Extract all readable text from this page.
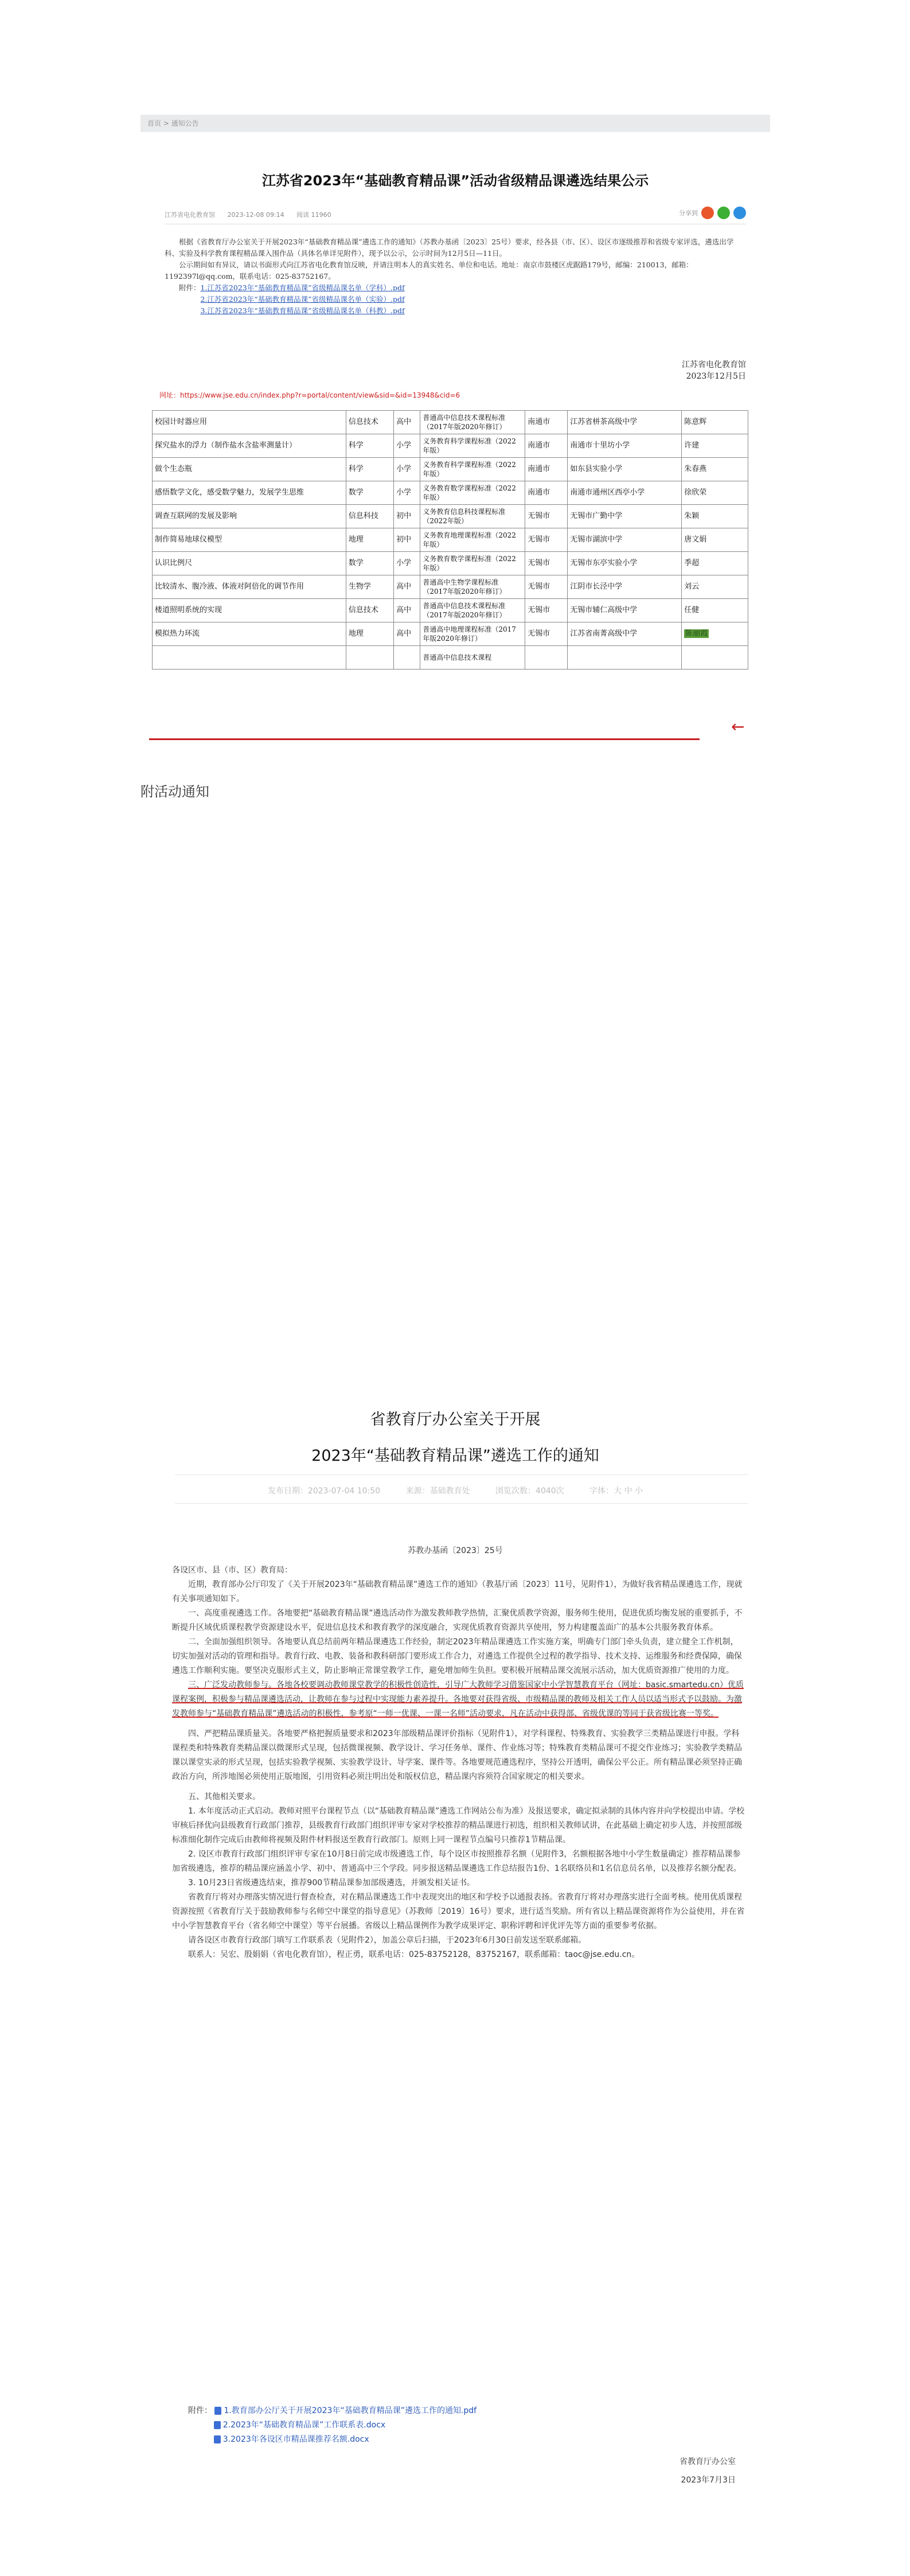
首页 > 通知公告
江苏省2023年“基础教育精品课”活动省级精品课遴选结果公示
江苏省电化教育馆 2023-12-08 09:14 阅读 11960	分享到

根据《省教育厅办公室关于开展2023年“基础教育精品课”遴选工作的通知》（苏教办基函〔2023〕25号）要求，经各县（市、区）、设区市逐级推荐和省级专家评选，遴选出学科、实验及科学教育课程精品课入围作品（具体名单详见附件），现予以公示，公示时间为12月5日—11日。

公示期间如有异议，请以书面形式向江苏省电化教育馆反映，并请注明本人的真实姓名、单位和电话。地址：南京市鼓楼区虎踞路179号，邮编：210013，邮箱：1192397l@qq.com，联系电话：025-83752167。

附件： 1.江苏省2023年“基础教育精品课”省级精品课名单（学科）.pdf
2.江苏省2023年“基础教育精品课”省级精品课名单（实验）.pdf
3.江苏省2023年“基础教育精品课”省级精品课名单（科教）.pdf
江苏省电化教育馆
2023年12月5日
网址：https://www.jse.edu.cn/index.php?r=portal/content/view&sid=&id=13948&cid=6
校园计时器应用	信息技术	高中	普通高中信息技术课程标准（2017年版2020年修订）	南通市	江苏省栟茶高级中学	陈意辉
探究盐水的浮力（制作盐水含盐率测量计）	科学	小学	义务教育科学课程标准（2022年版）	南通市	南通市十里坊小学	许建
做个生态瓶	科学	小学	义务教育科学课程标准（2022年版）	南通市	如东县实验小学	朱春燕
感悟数学文化，感受数学魅力，发展学生思维	数学	小学	义务教育数学课程标准（2022年版）	南通市	南通市通州区西亭小学	徐欣荣
调查互联网的发展及影响	信息科技	初中	义务教育信息科技课程标准（2022年版）	无锡市	无锡市广勤中学	朱颖
制作简易地球仪模型	地理	初中	义务教育地理课程标准（2022年版）	无锡市	无锡市湖滨中学	唐文娟
认识比例尺	数学	小学	义务教育数学课程标准（2022年版）	无锡市	无锡市东亭实验小学	季超
比较清水、腹冷液、体液对阿倍化的调节作用	生物学	高中	普通高中生物学课程标准（2017年版2020年修订）	无锡市	江阴市长泾中学	刘云
楼道照明系统的实现	信息技术	高中	普通高中信息技术课程标准（2017年版2020年修订）	无锡市	无锡市辅仁高级中学	任健
模拟热力环流	地理	高中	普通高中地理课程标准（2017年版2020年修订）	无锡市	江苏省南菁高级中学	陈丽霞
			普通高中信息技术课程			
←
附活动通知
省教育厅办公室关于开展
2023年“基础教育精品课”遴选工作的通知
发布日期：2023-07-04 10:50	来源：基础教育处	浏览次数：4040次	字体：大 中 小
苏教办基函〔2023〕25号

各设区市、县（市、区）教育局：

近期，教育部办公厅印发了《关于开展2023年“基础教育精品课”遴选工作的通知》（教基厅函〔2023〕11号，见附件1），为做好我省精品课遴选工作，现就有关事项通知如下。

一、高度重视遴选工作。各地要把“基础教育精品课”遴选活动作为激发教师教学热情，汇聚优质教学资源，服务师生使用，促进优质均衡发展的重要抓手，不断提升区域优质课程教学资源建设水平，促进信息技术和教育教学的深度融合，实现优质教育资源共享使用，努力构建覆盖面广的基本公共服务教育体系。

二、全面加强组织领导。各地要认真总结前两年精品课遴选工作经验，制定2023年精品课遴选工作实施方案，明确专门部门牵头负责，建立健全工作机制，切实加强对活动的管理和指导。教育行政、电教、装备和教科研部门要形成工作合力，对遴选工作提供全过程的教学指导、技术支持、运维服务和经费保障，确保遴选工作顺利实施。要坚决克服形式主义，防止影响正常课堂教学工作，避免增加师生负担。要积极开展精品课交流展示活动，加大优质资源推广使用的力度。

三、广泛发动教师参与。各地各校要调动教师课堂教学的积极性创造性，引导广大教师学习借鉴国家中小学智慧教育平台（网址：basic.smartedu.cn）优质课程案例，积极参与精品课遴选活动，让教师在参与过程中实现能力素养提升。各地要对获得省级、市级精品课的教师及相关工作人员以适当形式予以鼓励。为激发教师参与“基础教育精品课”遴选活动的积极性，参考原“一师一优课、一课一名师”活动要求，凡在活动中获得部、省级优课的等同于获省级比赛一等奖。

四、严把精品课质量关。各地要严格把握质量要求和2023年部级精品课评价指标（见附件1），对学科课程、特殊教育、实验教学三类精品课进行申报。学科课程类和特殊教育类精品课以微课形式呈现，包括微课视频、教学设计、学习任务单、课件、作业练习等；特殊教育类精品课可不提交作业练习；实验教学类精品课以课堂实录的形式呈现，包括实验教学视频、实验教学设计、导学案、课件等。各地要规范遴选程序，坚持公开透明，确保公平公正。所有精品课必须坚持正确政治方向，所涉地图必须使用正版地图，引用资料必须注明出处和版权信息，精品课内容须符合国家规定的相关要求。

五、其他相关要求。

1. 本年度活动正式启动。教师对照平台课程节点（以“基础教育精品课”遴选工作网站公布为准）及报送要求，确定拟录制的具体内容并向学校提出申请。学校审核后择优向县级教育行政部门推荐，县级教育行政部门组织评审专家对学校推荐的精品课进行初选，组织相关教师试讲，在此基础上确定初步人选，并按照部级标准细化制作完成后由教师将视频及附件材料报送至教育行政部门。原则上同一课程节点编号只推荐1节精品课。

2. 设区市教育行政部门组织评审专家在10月8日前完成市级遴选工作，每个设区市按照推荐名额（见附件3，名额根据各地中小学生数量确定）推荐精品课参加省级遴选，推荐的精品课应涵盖小学、初中、普通高中三个学段。同步报送精品课遴选工作总结报告1份、1名联络员和1名信息员名单，以及推荐名额分配表。

3. 10月23日省级遴选结束，推荐900节精品课参加部级遴选，并颁发相关证书。

省教育厅将对办理落实情况进行督查检查，对在精品课遴选工作中表现突出的地区和学校予以通报表扬。省教育厅将对办理落实进行全面考核。使用优质课程资源按照《省教育厅关于鼓励教师参与名师空中课堂的指导意见》（苏教师〔2019〕16号）要求，进行适当奖励。所有省以上精品课资源将作为公益使用，并在省中小学智慧教育平台（省名师空中课堂）等平台展播。省级以上精品课例作为教学成果评定、职称评聘和评优评先等方面的重要参考依据。

请各设区市教育行政部门填写工作联系表（见附件2），加盖公章后扫描，于2023年6月30日前发送至联系邮箱。

联系人：吴宏、殷娟娟（省电化教育馆），程正勇，联系电话：025-83752128，83752167，联系邮箱：taoc@jse.edu.cn。

附件： 1.教育部办公厅关于开展2023年“基础教育精品课”遴选工作的通知.pdf
2.2023年“基础教育精品课”工作联系表.docx
3.2023年各设区市精品课推荐名额.docx
省教育厅办公室
2023年7月3日
